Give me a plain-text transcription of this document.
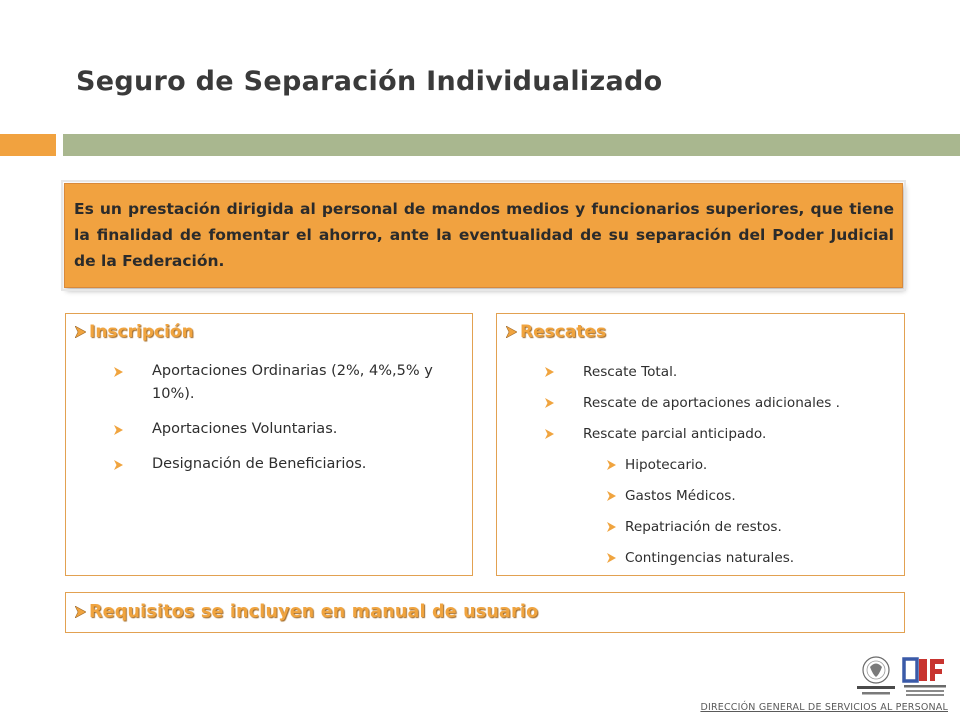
Seguro de Separación Individualizado

Es un prestación dirigida al personal de mandos medios y funcionarios superiores, que tiene la finalidad de fomentar el ahorro, ante la eventualidad de su separación del Poder Judicial de la Federación.

Inscripción
Aportaciones Ordinarias (2%, 4%,5% y 10%).
Aportaciones Voluntarias.
Designación de Beneficiarios.
Rescates
Rescate Total.
Rescate de aportaciones adicionales .
Rescate parcial anticipado.
Hipotecario.
Gastos Médicos.
Repatriación de restos.
Contingencias naturales.
Requisitos se incluyen en manual de usuario
DIRECCIÓN GENERAL DE SERVICIOS AL PERSONAL
